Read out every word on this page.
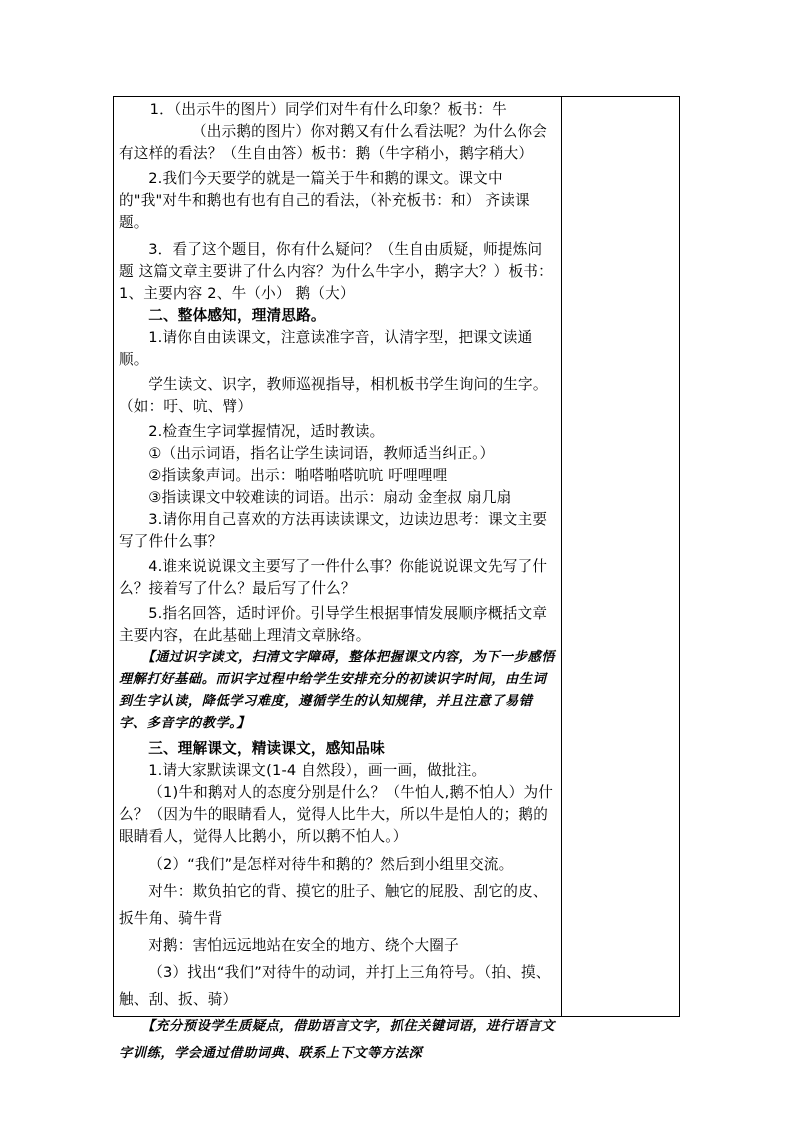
1．（出示牛的图片）同学们对牛有什么印象？板书：牛

（出示鹅的图片）你对鹅又有什么看法呢？为什么你会有这样的看法？（生自由答）板书：鹅（牛字稍小，鹅字稍大）

2.我们今天要学的就是一篇关于牛和鹅的课文。课文中的"我"对牛和鹅也有也有自己的看法，（补充板书：和） 齐读课题。

3．看了这个题目，你有什么疑问？（生自由质疑，师提炼问题 这篇文章主要讲了什么内容？为什么牛字小，鹅字大？）板书：1、主要内容 2、牛（小） 鹅（大）

二、整体感知，理清思路。

1.请你自由读课文，注意读准字音，认清字型，把课文读通顺。

学生读文、识字，教师巡视指导，相机板书学生询问的生字。（如：吁、吭、臂）

2.检查生字词掌握情况，适时教读。

①（出示词语，指名让学生读词语，教师适当纠正。）

②指读象声词。出示：啪嗒啪嗒吭吭 吁哩哩哩

③指读课文中较难读的词语。出示：扇动 金奎叔 扇几扇

3.请你用自己喜欢的方法再读读课文，边读边思考：课文主要写了件什么事？

4.谁来说说课文主要写了一件什么事？你能说说课文先写了什么？接着写了什么？最后写了什么？

5.指名回答，适时评价。引导学生根据事情发展顺序概括文章主要内容，在此基础上理清文章脉络。

【通过识字读文，扫清文字障碍，整体把握课文内容，为下一步感悟理解打好基础。而识字过程中给学生安排充分的初读识字时间，由生词到生字认读，降低学习难度，遵循学生的认知规律，并且注意了易错字、多音字的教学。】

三、理解课文，精读课文，感知品味

1.请大家默读课文(1-4 自然段），画一画，做批注。

（1)牛和鹅对人的态度分别是什么？（牛怕人,鹅不怕人）为什么？（因为牛的眼睛看人，觉得人比牛大，所以牛是怕人的；鹅的眼睛看人，觉得人比鹅小，所以鹅不怕人。）

（2）“我们”是怎样对待牛和鹅的？然后到小组里交流。

对牛：欺负拍它的背、摸它的肚子、触它的屁股、刮它的皮、扳牛角、骑牛背

对鹅：害怕远远地站在安全的地方、绕个大圈子

（3）找出“我们”对待牛的动词，并打上三角符号。（拍、摸、触、刮、扳、骑）

【充分预设学生质疑点，借助语言文字，抓住关键词语，进行语言文字训练，学会通过借助词典、联系上下文等方法深
